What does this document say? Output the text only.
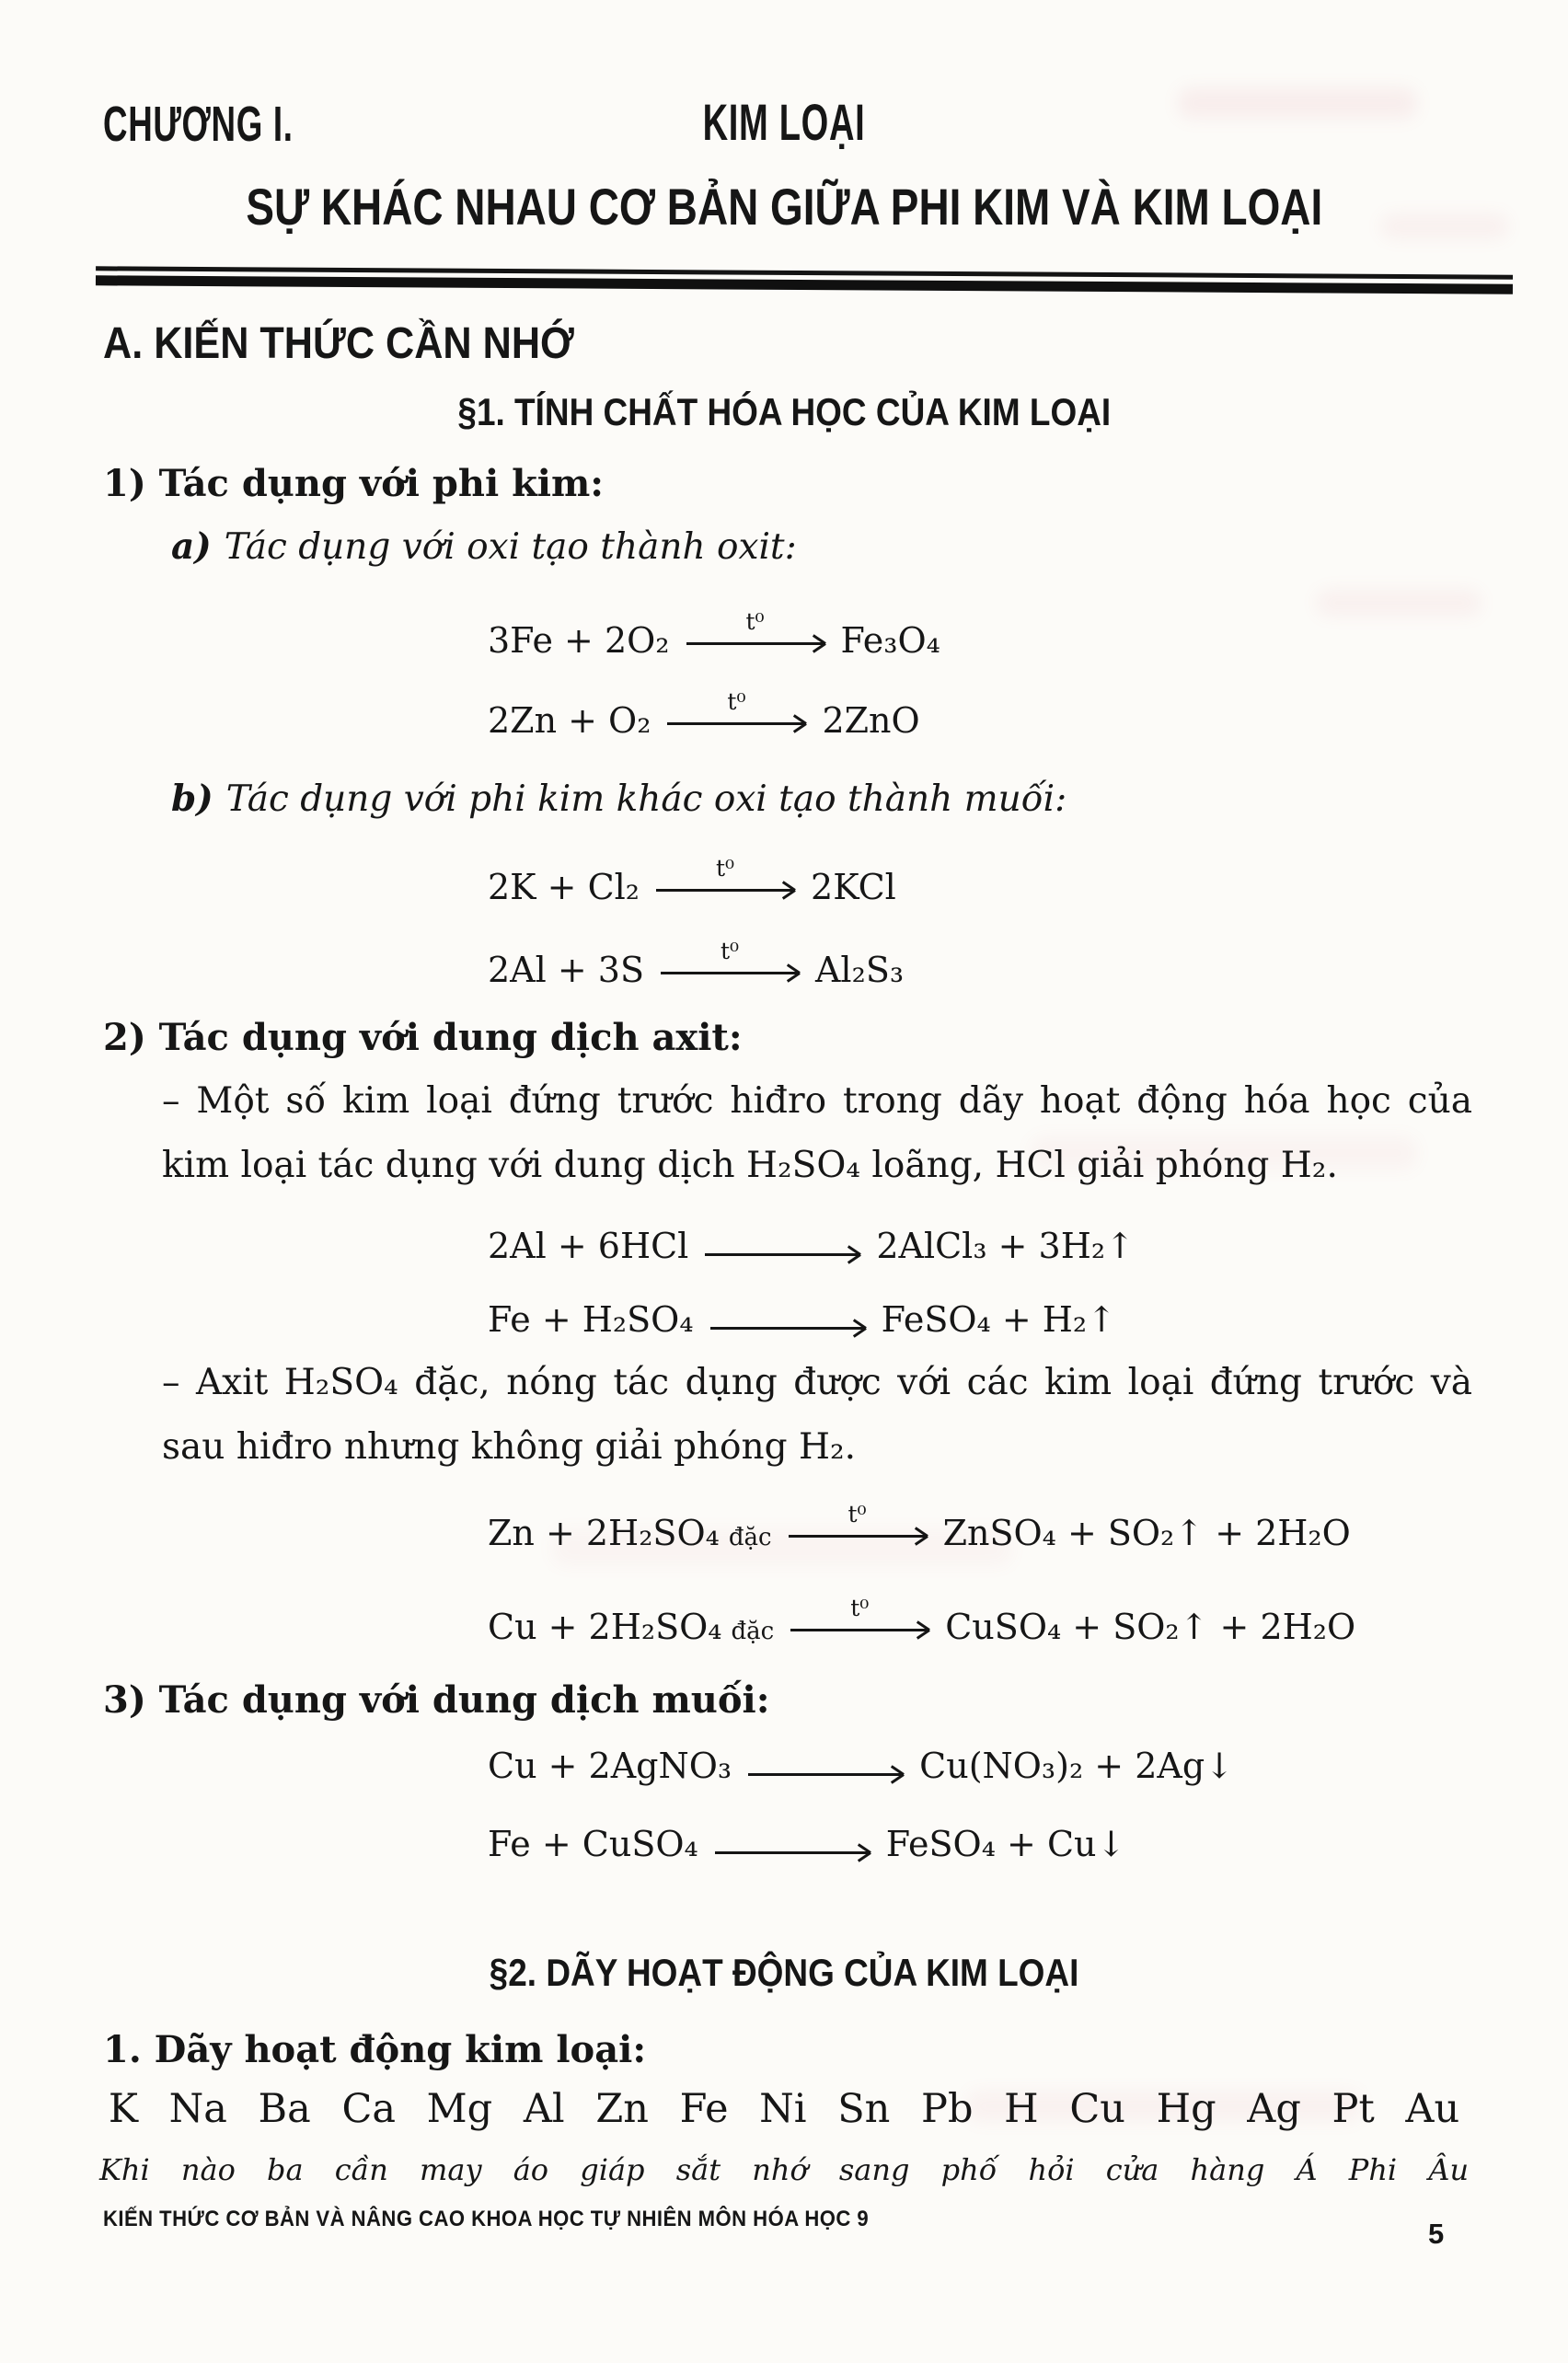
CHƯƠNG I.	KIM LOẠI
SỰ KHÁC NHAU CƠ BẢN GIỮA PHI KIM VÀ KIM LOẠI
A. KIẾN THỨC CẦN NHỚ
§1. TÍNH CHẤT HÓA HỌC CỦA KIM LOẠI
1) Tác dụng với phi kim:
a) Tác dụng với oxi tạo thành oxit:
3Fe + 2O₂	t⁰ Fe₃O₄
2Zn + O₂	t⁰ 2ZnO
b) Tác dụng với phi kim khác oxi tạo thành muối:
2K + Cl₂	t⁰ 2KCl
2Al + 3S	t⁰ Al₂S₃
2) Tác dụng với dung dịch axit:
– Một số kim loại đứng trước hiđro trong dãy hoạt động hóa học của kim loại tác dụng với dung dịch H₂SO₄ loãng, HCl giải phóng H₂.
2Al + 6HCl	2AlCl₃ + 3H₂↑
Fe + H₂SO₄	FeSO₄ + H₂↑
– Axit H₂SO₄ đặc, nóng tác dụng được với các kim loại đứng trước và sau hiđro nhưng không giải phóng H₂.
Zn + 2H₂SO₄ đặc
t⁰ ZnSO₄ + SO₂↑ + 2H₂O
Cu + 2H₂SO₄ đặc
t⁰ CuSO₄ + SO₂↑ + 2H₂O
3) Tác dụng với dung dịch muối:
Cu + 2AgNO₃	Cu(NO₃)₂ + 2Ag↓
Fe + CuSO₄	FeSO₄ + Cu↓
§2. DÃY HOẠT ĐỘNG CỦA KIM LOẠI
1. Dãy hoạt động kim loại:
K Na Ba Ca Mg Al Zn Fe Ni Sn Pb H Cu Hg Ag Pt Au
Khi nào ba cần may áo giáp sắt nhớ sang phố hỏi cửa hàng Á Phi Âu
KIẾN THỨC CƠ BẢN VÀ NÂNG CAO KHOA HỌC TỰ NHIÊN MÔN HÓA HỌC 9	5
